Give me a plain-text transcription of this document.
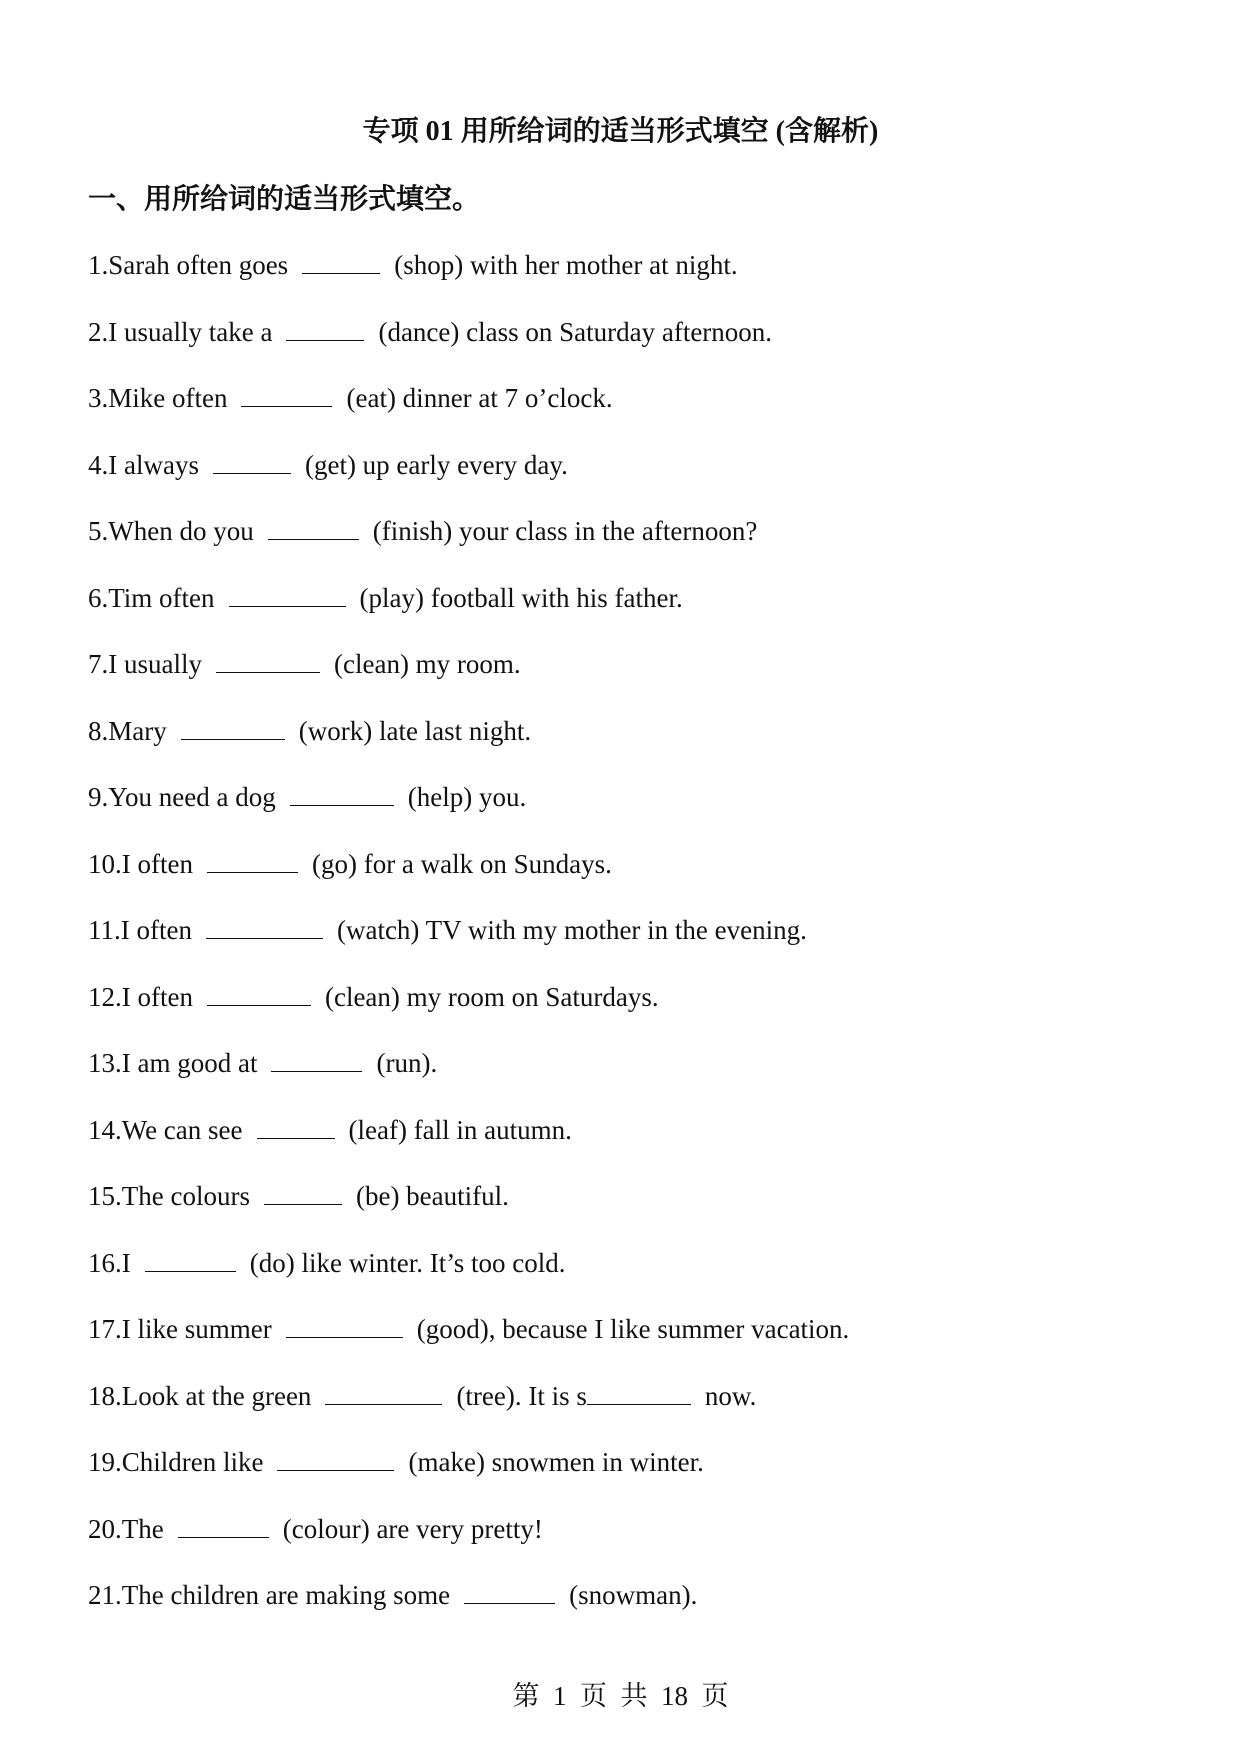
专项 01 用所给词的适当形式填空 (含解析)
一、用所给词的适当形式填空。
1.Sarah often goes	(shop) with her mother at night.
2.I usually take a	(dance) class on Saturday afternoon.
3.Mike often	(eat) dinner at 7 o’clock.
4.I always	(get) up early every day.
5.When do you	(finish) your class in the afternoon?
6.Tim often	(play) football with his father.
7.I usually	(clean) my room.
8.Mary	(work) late last night.
9.You need a dog	(help) you.
10.I often	(go) for a walk on Sundays.
11.I often	(watch) TV with my mother in the evening.
12.I often	(clean) my room on Saturdays.
13.I am good at	(run).
14.We can see	(leaf) fall in autumn.
15.The colours	(be) beautiful.
16.I	(do) like winter. It’s too cold.
17.I like summer	(good), because I like summer vacation.
18.Look at the green	(tree). It is s	now.
19.Children like	(make) snowmen in winter.
20.The	(colour) are very pretty!
21.The children are making some	(snowman).
第  1  页  共  18  页
